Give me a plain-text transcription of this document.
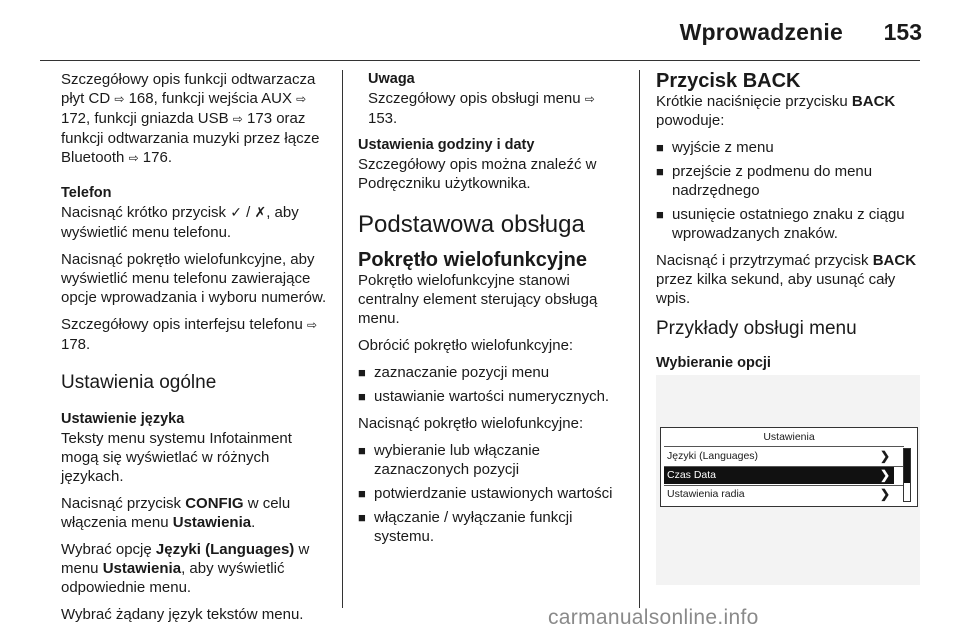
Wprowadzenie 153

Szczegółowy opis funkcji odtwarzacza płyt CD ⇨ 168, funkcji wejścia AUX ⇨ 172, funkcji gniazda USB ⇨ 173 oraz funkcji odtwarzania muzyki przez łącze Bluetooth ⇨ 176.

Telefon

Nacisnąć krótko przycisk ✓ / ✗, aby wyświetlić menu telefonu.

Nacisnąć pokrętło wielofunkcyjne, aby wyświetlić menu telefonu zawierające opcje wprowadzania i wyboru numerów.

Szczegółowy opis interfejsu telefonu ⇨ 178.

Ustawienia ogólne

Ustawienie języka

Teksty menu systemu Infotainment mogą się wyświetlać w różnych językach.

Nacisnąć przycisk CONFIG w celu włączenia menu Ustawienia.

Wybrać opcję Języki (Languages) w menu Ustawienia, aby wyświetlić odpowiednie menu.

Wybrać żądany język tekstów menu.

Uwaga

Szczegółowy opis obsługi menu ⇨ 153.

Ustawienia godziny i daty

Szczegółowy opis można znaleźć w Podręczniku użytkownika.

Podstawowa obsługa

Pokrętło wielofunkcyjne

Pokrętło wielofunkcyjne stanowi centralny element sterujący obsługą menu.

Obrócić pokrętło wielofunkcyjne:

■ zaznaczanie pozycji menu
■ ustawianie wartości numerycznych.

Nacisnąć pokrętło wielofunkcyjne:

■ wybieranie lub włączanie zaznaczonych pozycji
■ potwierdzanie ustawionych wartości
■ włączanie / wyłączanie funkcji systemu.

Przycisk BACK

Krótkie naciśnięcie przycisku BACK powoduje:

■ wyjście z menu
■ przejście z podmenu do menu nadrzędnego
■ usunięcie ostatniego znaku z ciągu wprowadzanych znaków.

Nacisnąć i przytrzymać przycisk BACK przez kilka sekund, aby usunąć cały wpis.

Przykłady obsługi menu

Wybieranie opcji

Ustawienia
Języki (Languages)	❯
Czas Data	❯
Ustawienia radia	❯
carmanualsonline.info
